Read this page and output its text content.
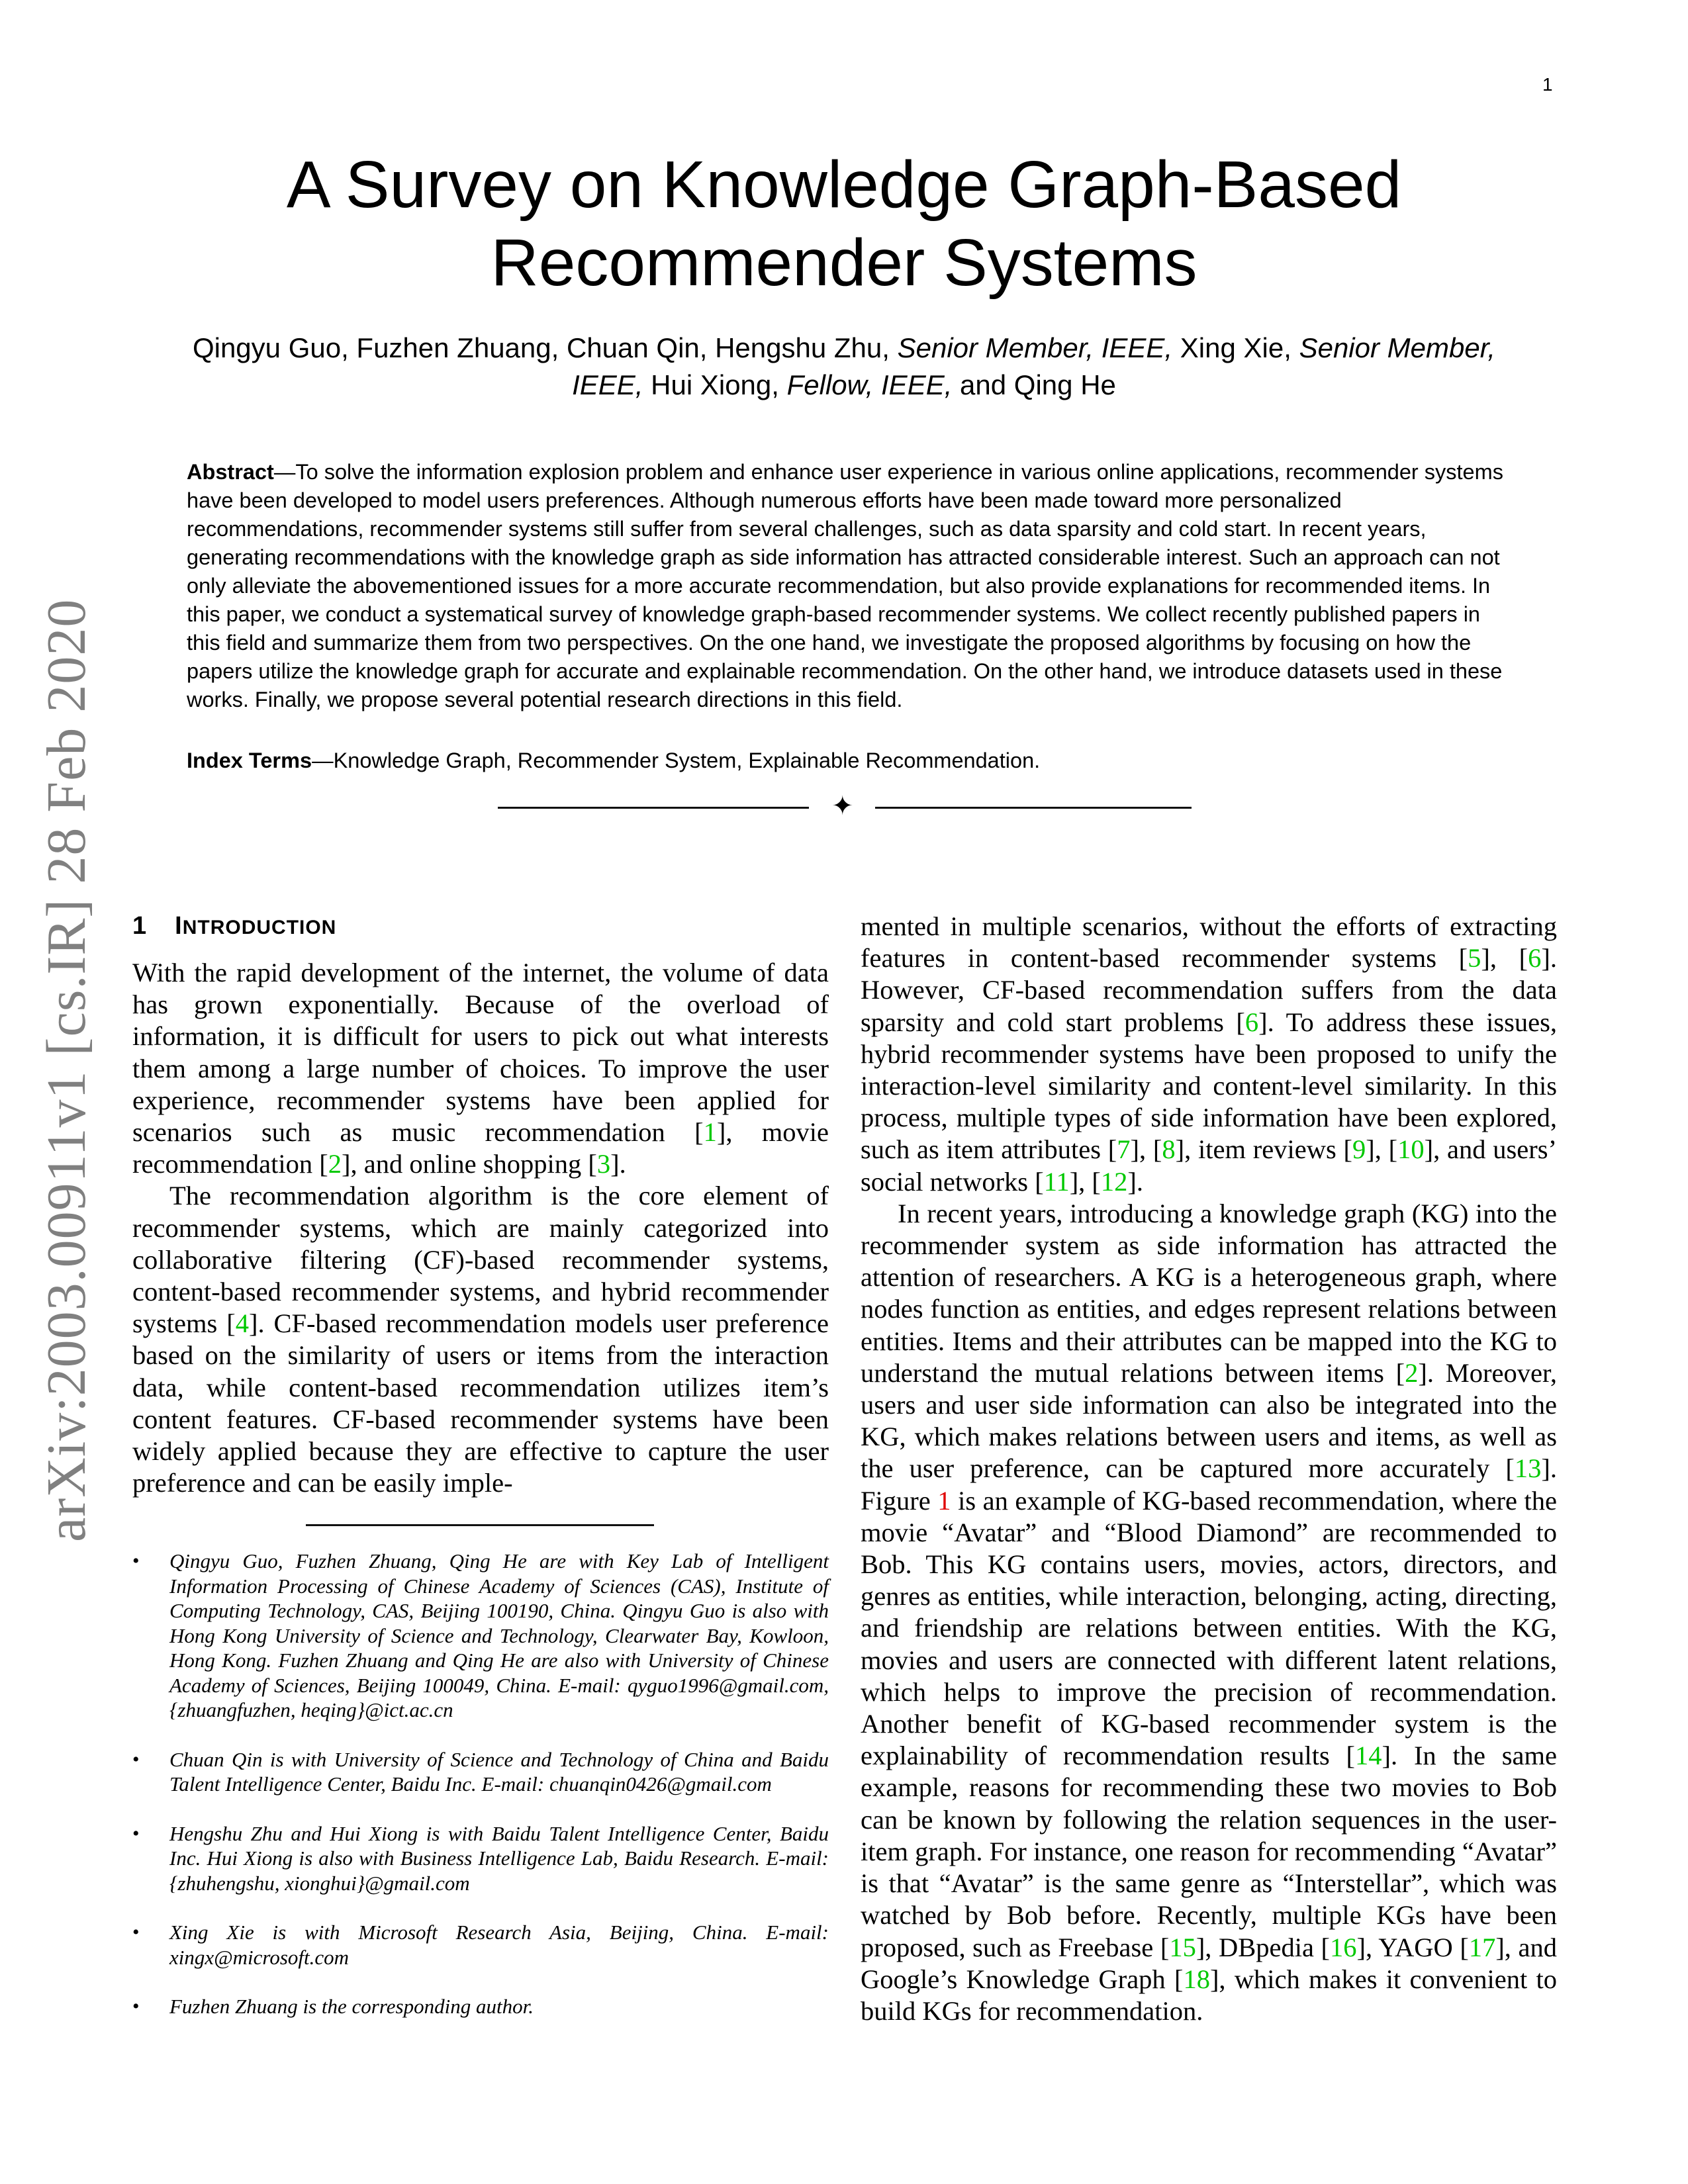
1
arXiv:2003.00911v1 [cs.IR] 28 Feb 2020
A Survey on Knowledge Graph-Based
Recommender Systems
Qingyu Guo, Fuzhen Zhuang, Chuan Qin, Hengshu Zhu, Senior Member, IEEE, Xing Xie, Senior Member, IEEE, Hui Xiong, Fellow, IEEE, and Qing He

Abstract—To solve the information explosion problem and enhance user experience in various online applications, recommender systems have been developed to model users preferences. Although numerous efforts have been made toward more personalized recommendations, recommender systems still suffer from several challenges, such as data sparsity and cold start. In recent years, generating recommendations with the knowledge graph as side information has attracted considerable interest. Such an approach can not only alleviate the abovementioned issues for a more accurate recommendation, but also provide explanations for recommended items. In this paper, we conduct a systematical survey of knowledge graph-based recommender systems. We collect recently published papers in this field and summarize them from two perspectives. On the one hand, we investigate the proposed algorithms by focusing on how the papers utilize the knowledge graph for accurate and explainable recommendation. On the other hand, we introduce datasets used in these works. Finally, we propose several potential research directions in this field.

Index Terms—Knowledge Graph, Recommender System, Explainable Recommendation.

✦
1 INTRODUCTION

With the rapid development of the internet, the volume of data has grown exponentially. Because of the overload of information, it is difficult for users to pick out what interests them among a large number of choices. To improve the user experience, recommender systems have been applied for scenarios such as music recommendation [1], movie recommendation [2], and online shopping [3].

The recommendation algorithm is the core element of recommender systems, which are mainly categorized into collaborative filtering (CF)-based recommender systems, content-based recommender systems, and hybrid recommender systems [4]. CF-based recommendation models user preference based on the similarity of users or items from the interaction data, while content-based recommendation utilizes item’s content features. CF-based recommender systems have been widely applied because they are effective to capture the user preference and can be easily imple-

• Qingyu Guo, Fuzhen Zhuang, Qing He are with Key Lab of Intelligent Information Processing of Chinese Academy of Sciences (CAS), Institute of Computing Technology, CAS, Beijing 100190, China. Qingyu Guo is also with Hong Kong University of Science and Technology, Clearwater Bay, Kowloon, Hong Kong. Fuzhen Zhuang and Qing He are also with University of Chinese Academy of Sciences, Beijing 100049, China. E-mail: qyguo1996@gmail.com, {zhuangfuzhen, heqing}@ict.ac.cn
• Chuan Qin is with University of Science and Technology of China and Baidu Talent Intelligence Center, Baidu Inc. E-mail: chuanqin0426@gmail.com
• Hengshu Zhu and Hui Xiong is with Baidu Talent Intelligence Center, Baidu Inc. Hui Xiong is also with Business Intelligence Lab, Baidu Research. E-mail: {zhuhengshu, xionghui}@gmail.com
• Xing Xie is with Microsoft Research Asia, Beijing, China. E-mail: xingx@microsoft.com
• Fuzhen Zhuang is the corresponding author.

mented in multiple scenarios, without the efforts of extracting features in content-based recommender systems [5], [6]. However, CF-based recommendation suffers from the data sparsity and cold start problems [6]. To address these issues, hybrid recommender systems have been proposed to unify the interaction-level similarity and content-level similarity. In this process, multiple types of side information have been explored, such as item attributes [7], [8], item reviews [9], [10], and users’ social networks [11], [12].

In recent years, introducing a knowledge graph (KG) into the recommender system as side information has attracted the attention of researchers. A KG is a heterogeneous graph, where nodes function as entities, and edges represent relations between entities. Items and their attributes can be mapped into the KG to understand the mutual relations between items [2]. Moreover, users and user side information can also be integrated into the KG, which makes relations between users and items, as well as the user preference, can be captured more accurately [13]. Figure 1 is an example of KG-based recommendation, where the movie “Avatar” and “Blood Diamond” are recommended to Bob. This KG contains users, movies, actors, directors, and genres as entities, while interaction, belonging, acting, directing, and friendship are relations between entities. With the KG, movies and users are connected with different latent relations, which helps to improve the precision of recommendation. Another benefit of KG-based recommender system is the explainability of recommendation results [14]. In the same example, reasons for recommending these two movies to Bob can be known by following the relation sequences in the user-item graph. For instance, one reason for recommending “Avatar” is that “Avatar” is the same genre as “Interstellar”, which was watched by Bob before. Recently, multiple KGs have been proposed, such as Freebase [15], DBpedia [16], YAGO [17], and Google’s Knowledge Graph [18], which makes it convenient to build KGs for recommendation.
